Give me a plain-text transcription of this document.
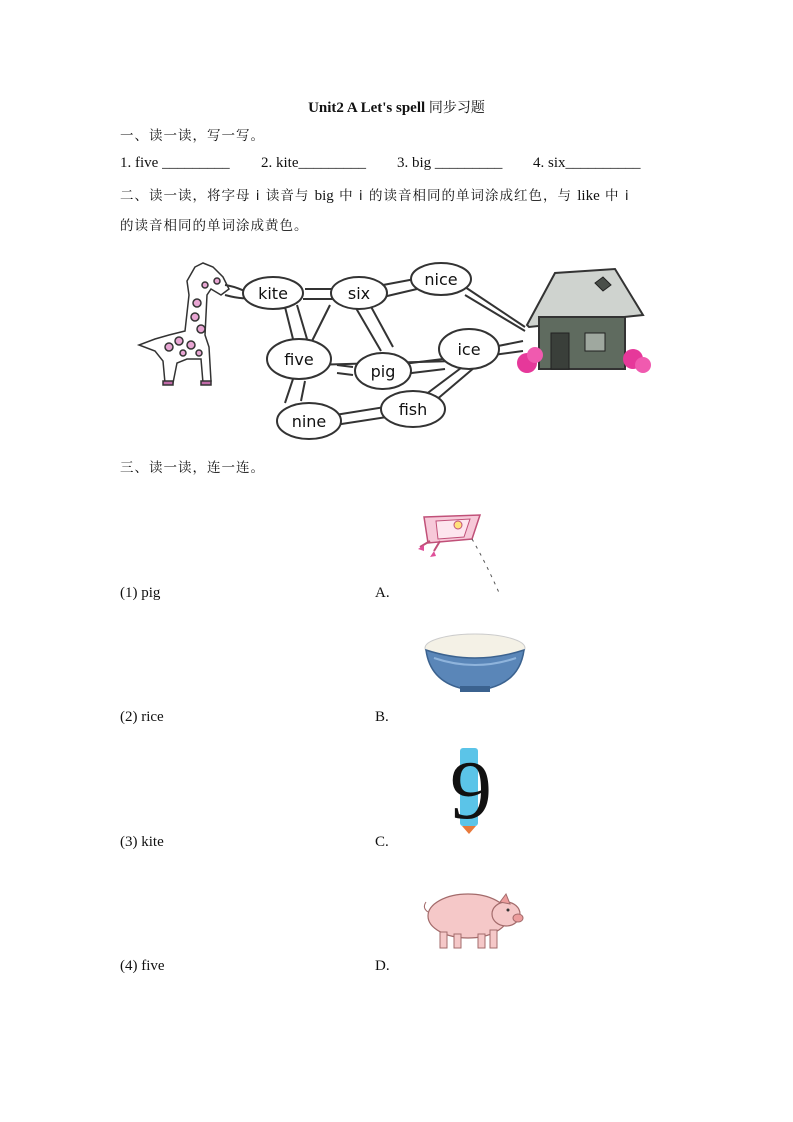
Unit2 A Let's spell 同步习题
一、读一读，写一写。
1. five _________ 2. kite_________ 3. big _________ 4. six__________
二、读一读，将字母 i 读音与 big 中 i 的读音相同的单词涂成红色，与 like 中 i
的读音相同的单词涂成黄色。
kite	six
nice
five
pig
ice
nine
fish
三、读一读，连一连。
(1) pig
(2) rice
(3) kite
(4) five
A.
B.
C.
D.
9
